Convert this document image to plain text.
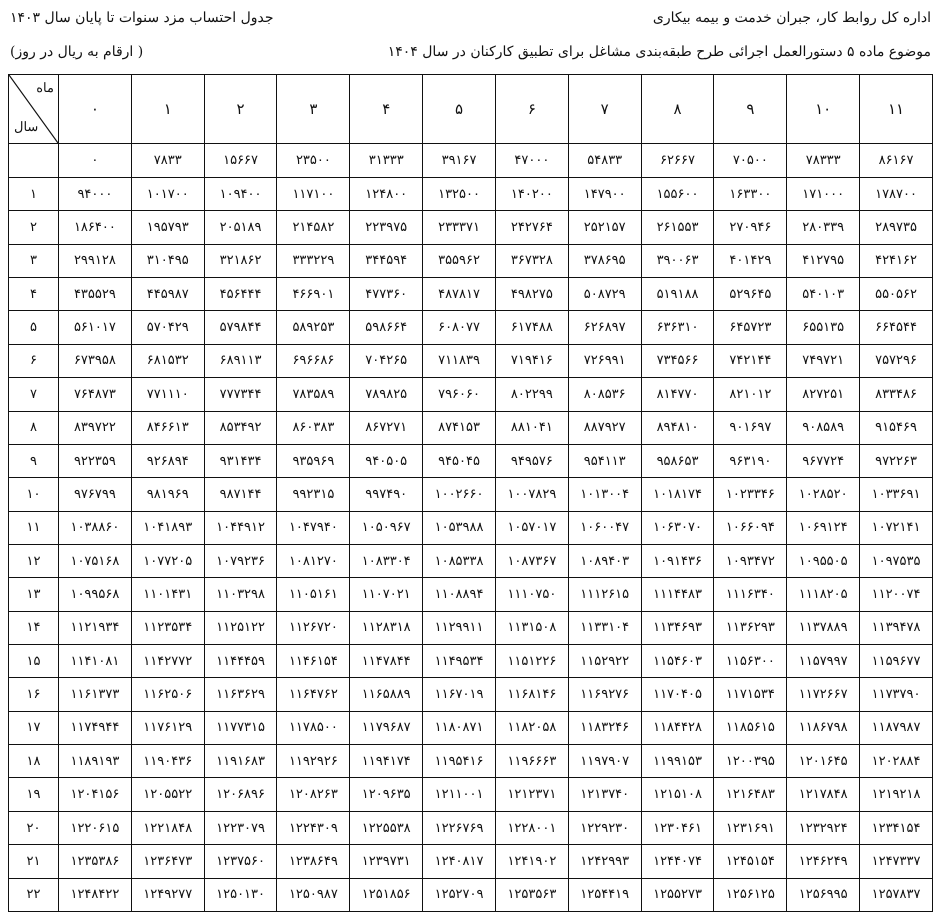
اداره کل روابط کار، جبران خدمت و بیمه بیکاری
موضوع ماده ۵ دستورالعمل اجرائی طرح طبقه‌بندی مشاغل برای تطبیق کارکنان در سال ۱۴۰۴
جدول احتساب مزد سنوات تا پایان سال ۱۴۰۳
( ارقام به ریال در روز)
ماه
سال	۰	۱	۲	۳	۴	۵	۶	۷	۸	۹	۱۰	۱۱
	۰	۷۸۳۳	۱۵۶۶۷	۲۳۵۰۰	۳۱۳۳۳	۳۹۱۶۷	۴۷۰۰۰	۵۴۸۳۳	۶۲۶۶۷	۷۰۵۰۰	۷۸۳۳۳	۸۶۱۶۷
۱	۹۴۰۰۰	۱۰۱۷۰۰	۱۰۹۴۰۰	۱۱۷۱۰۰	۱۲۴۸۰۰	۱۳۲۵۰۰	۱۴۰۲۰۰	۱۴۷۹۰۰	۱۵۵۶۰۰	۱۶۳۳۰۰	۱۷۱۰۰۰	۱۷۸۷۰۰
۲	۱۸۶۴۰۰	۱۹۵۷۹۳	۲۰۵۱۸۹	۲۱۴۵۸۲	۲۲۳۹۷۵	۲۳۳۳۷۱	۲۴۲۷۶۴	۲۵۲۱۵۷	۲۶۱۵۵۳	۲۷۰۹۴۶	۲۸۰۳۳۹	۲۸۹۷۳۵
۳	۲۹۹۱۲۸	۳۱۰۴۹۵	۳۲۱۸۶۲	۳۳۳۲۲۹	۳۴۴۵۹۴	۳۵۵۹۶۲	۳۶۷۳۲۸	۳۷۸۶۹۵	۳۹۰۰۶۳	۴۰۱۴۲۹	۴۱۲۷۹۵	۴۲۴۱۶۲
۴	۴۳۵۵۲۹	۴۴۵۹۸۷	۴۵۶۴۴۴	۴۶۶۹۰۱	۴۷۷۳۶۰	۴۸۷۸۱۷	۴۹۸۲۷۵	۵۰۸۷۲۹	۵۱۹۱۸۸	۵۲۹۶۴۵	۵۴۰۱۰۳	۵۵۰۵۶۲
۵	۵۶۱۰۱۷	۵۷۰۴۲۹	۵۷۹۸۴۴	۵۸۹۲۵۳	۵۹۸۶۶۴	۶۰۸۰۷۷	۶۱۷۴۸۸	۶۲۶۸۹۷	۶۳۶۳۱۰	۶۴۵۷۲۳	۶۵۵۱۳۵	۶۶۴۵۴۴
۶	۶۷۳۹۵۸	۶۸۱۵۳۲	۶۸۹۱۱۳	۶۹۶۶۸۶	۷۰۴۲۶۵	۷۱۱۸۳۹	۷۱۹۴۱۶	۷۲۶۹۹۱	۷۳۴۵۶۶	۷۴۲۱۴۴	۷۴۹۷۲۱	۷۵۷۲۹۶
۷	۷۶۴۸۷۳	۷۷۱۱۱۰	۷۷۷۳۴۴	۷۸۳۵۸۹	۷۸۹۸۲۵	۷۹۶۰۶۰	۸۰۲۲۹۹	۸۰۸۵۳۶	۸۱۴۷۷۰	۸۲۱۰۱۲	۸۲۷۲۵۱	۸۳۳۴۸۶
۸	۸۳۹۷۲۲	۸۴۶۶۱۳	۸۵۳۴۹۲	۸۶۰۳۸۳	۸۶۷۲۷۱	۸۷۴۱۵۳	۸۸۱۰۴۱	۸۸۷۹۲۷	۸۹۴۸۱۰	۹۰۱۶۹۷	۹۰۸۵۸۹	۹۱۵۴۶۹
۹	۹۲۲۳۵۹	۹۲۶۸۹۴	۹۳۱۴۳۴	۹۳۵۹۶۹	۹۴۰۵۰۵	۹۴۵۰۴۵	۹۴۹۵۷۶	۹۵۴۱۱۳	۹۵۸۶۵۳	۹۶۳۱۹۰	۹۶۷۷۲۴	۹۷۲۲۶۳
۱۰	۹۷۶۷۹۹	۹۸۱۹۶۹	۹۸۷۱۴۴	۹۹۲۳۱۵	۹۹۷۴۹۰	۱۰۰۲۶۶۰	۱۰۰۷۸۲۹	۱۰۱۳۰۰۴	۱۰۱۸۱۷۴	۱۰۲۳۳۴۶	۱۰۲۸۵۲۰	۱۰۳۳۶۹۱
۱۱	۱۰۳۸۸۶۰	۱۰۴۱۸۹۳	۱۰۴۴۹۱۲	۱۰۴۷۹۴۰	۱۰۵۰۹۶۷	۱۰۵۳۹۸۸	۱۰۵۷۰۱۷	۱۰۶۰۰۴۷	۱۰۶۳۰۷۰	۱۰۶۶۰۹۴	۱۰۶۹۱۲۴	۱۰۷۲۱۴۱
۱۲	۱۰۷۵۱۶۸	۱۰۷۷۲۰۵	۱۰۷۹۲۳۶	۱۰۸۱۲۷۰	۱۰۸۳۳۰۴	۱۰۸۵۳۳۸	۱۰۸۷۳۶۷	۱۰۸۹۴۰۳	۱۰۹۱۴۳۶	۱۰۹۳۴۷۲	۱۰۹۵۵۰۵	۱۰۹۷۵۳۵
۱۳	۱۰۹۹۵۶۸	۱۱۰۱۴۳۱	۱۱۰۳۲۹۸	۱۱۰۵۱۶۱	۱۱۰۷۰۲۱	۱۱۰۸۸۹۴	۱۱۱۰۷۵۰	۱۱۱۲۶۱۵	۱۱۱۴۴۸۳	۱۱۱۶۳۴۰	۱۱۱۸۲۰۵	۱۱۲۰۰۷۴
۱۴	۱۱۲۱۹۳۴	۱۱۲۳۵۳۴	۱۱۲۵۱۲۲	۱۱۲۶۷۲۰	۱۱۲۸۳۱۸	۱۱۲۹۹۱۱	۱۱۳۱۵۰۸	۱۱۳۳۱۰۴	۱۱۳۴۶۹۳	۱۱۳۶۲۹۳	۱۱۳۷۸۸۹	۱۱۳۹۴۷۸
۱۵	۱۱۴۱۰۸۱	۱۱۴۲۷۷۲	۱۱۴۴۴۵۹	۱۱۴۶۱۵۴	۱۱۴۷۸۴۴	۱۱۴۹۵۳۴	۱۱۵۱۲۲۶	۱۱۵۲۹۲۲	۱۱۵۴۶۰۳	۱۱۵۶۳۰۰	۱۱۵۷۹۹۷	۱۱۵۹۶۷۷
۱۶	۱۱۶۱۳۷۳	۱۱۶۲۵۰۶	۱۱۶۳۶۲۹	۱۱۶۴۷۶۲	۱۱۶۵۸۸۹	۱۱۶۷۰۱۹	۱۱۶۸۱۴۶	۱۱۶۹۲۷۶	۱۱۷۰۴۰۵	۱۱۷۱۵۳۴	۱۱۷۲۶۶۷	۱۱۷۳۷۹۰
۱۷	۱۱۷۴۹۴۴	۱۱۷۶۱۲۹	۱۱۷۷۳۱۵	۱۱۷۸۵۰۰	۱۱۷۹۶۸۷	۱۱۸۰۸۷۱	۱۱۸۲۰۵۸	۱۱۸۳۲۴۶	۱۱۸۴۴۲۸	۱۱۸۵۶۱۵	۱۱۸۶۷۹۸	۱۱۸۷۹۸۷
۱۸	۱۱۸۹۱۹۳	۱۱۹۰۴۳۶	۱۱۹۱۶۸۳	۱۱۹۲۹۲۶	۱۱۹۴۱۷۴	۱۱۹۵۴۱۶	۱۱۹۶۶۶۳	۱۱۹۷۹۰۷	۱۱۹۹۱۵۳	۱۲۰۰۳۹۵	۱۲۰۱۶۴۵	۱۲۰۲۸۸۴
۱۹	۱۲۰۴۱۵۶	۱۲۰۵۵۲۲	۱۲۰۶۸۹۶	۱۲۰۸۲۶۳	۱۲۰۹۶۳۵	۱۲۱۱۰۰۱	۱۲۱۲۳۷۱	۱۲۱۳۷۴۰	۱۲۱۵۱۰۸	۱۲۱۶۴۸۳	۱۲۱۷۸۴۸	۱۲۱۹۲۱۸
۲۰	۱۲۲۰۶۱۵	۱۲۲۱۸۴۸	۱۲۲۳۰۷۹	۱۲۲۴۳۰۹	۱۲۲۵۵۳۸	۱۲۲۶۷۶۹	۱۲۲۸۰۰۱	۱۲۲۹۲۳۰	۱۲۳۰۴۶۱	۱۲۳۱۶۹۱	۱۲۳۲۹۲۴	۱۲۳۴۱۵۴
۲۱	۱۲۳۵۳۸۶	۱۲۳۶۴۷۳	۱۲۳۷۵۶۰	۱۲۳۸۶۴۹	۱۲۳۹۷۳۱	۱۲۴۰۸۱۷	۱۲۴۱۹۰۲	۱۲۴۲۹۹۳	۱۲۴۴۰۷۴	۱۲۴۵۱۵۴	۱۲۴۶۲۴۹	۱۲۴۷۳۳۷
۲۲	۱۲۴۸۴۲۲	۱۲۴۹۲۷۷	۱۲۵۰۱۳۰	۱۲۵۰۹۸۷	۱۲۵۱۸۵۶	۱۲۵۲۷۰۹	۱۲۵۳۵۶۳	۱۲۵۴۴۱۹	۱۲۵۵۲۷۳	۱۲۵۶۱۲۵	۱۲۵۶۹۹۵	۱۲۵۷۸۳۷
